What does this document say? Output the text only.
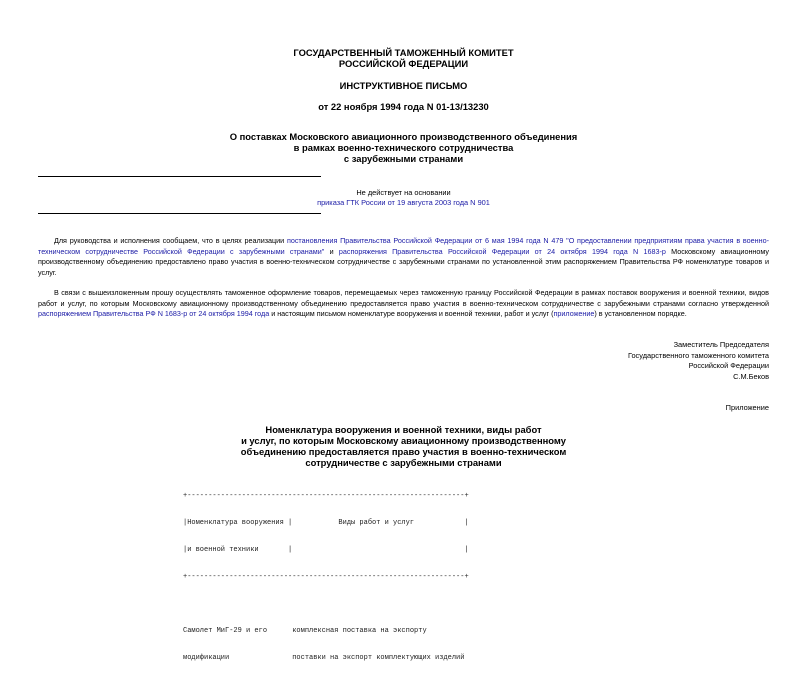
ГОСУДАРСТВЕННЫЙ ТАМОЖЕННЫЙ КОМИТЕТ
РОССИЙСКОЙ ФЕДЕРАЦИИ
ИНСТРУКТИВНОЕ ПИСЬМО
от 22 ноября 1994 года N 01-13/13230
О поставках Московского авиационного производственного объединения
в рамках военно-технического сотрудничества
с зарубежными странами
Не действует на основании
приказа ГТК России от 19 августа 2003 года N 901
Для руководства и исполнения сообщаем, что в целях реализации постановления Правительства Российской Федерации от 6 мая 1994 года N 479 "О предоставлении предприятиям права участия в военно-техническом сотрудничестве Российской Федерации с зарубежными странами" и распоряжения Правительства Российской Федерации от 24 октября 1994 года N 1683-р Московскому авиационному производственному объединению предоставлено право участия в военно-техническом сотрудничестве с зарубежными странами по установленной этим распоряжением Правительства РФ номенклатуре товаров и услуг.
В связи с вышеизложенным прошу осуществлять таможенное оформление товаров, перемещаемых через таможенную границу Российской Федерации в рамках поставок вооружения и военной техники, видов работ и услуг, по которым Московскому авиационному производственному объединению предоставляется право участия в военно-техническом сотрудничестве с зарубежными странами согласно утвержденной распоряжением Правительства РФ N 1683-р от 24 октября 1994 года и настоящим письмом номенклатуре вооружения и военной техники, работ и услуг (приложение) в установленном порядке.
Заместитель Председателя
Государственного таможенного комитета
Российской Федерации
С.М.Беков
Приложение
Номенклатура вооружения и военной техники, виды работ
и услуг, по которым Московскому авиационному производственному
объединению предоставляется право участия в военно-техническом
сотрудничестве с зарубежными странами

+------------------------------------------------------------------+

|Номенклатура вооружения |           Виды работ и услуг            |

|и военной техники       |                                         |

+------------------------------------------------------------------+

Самолет МиГ-29 и его      комплексная поставка на экспорту

модификации               поставки на экспорт комплектующих изделий
